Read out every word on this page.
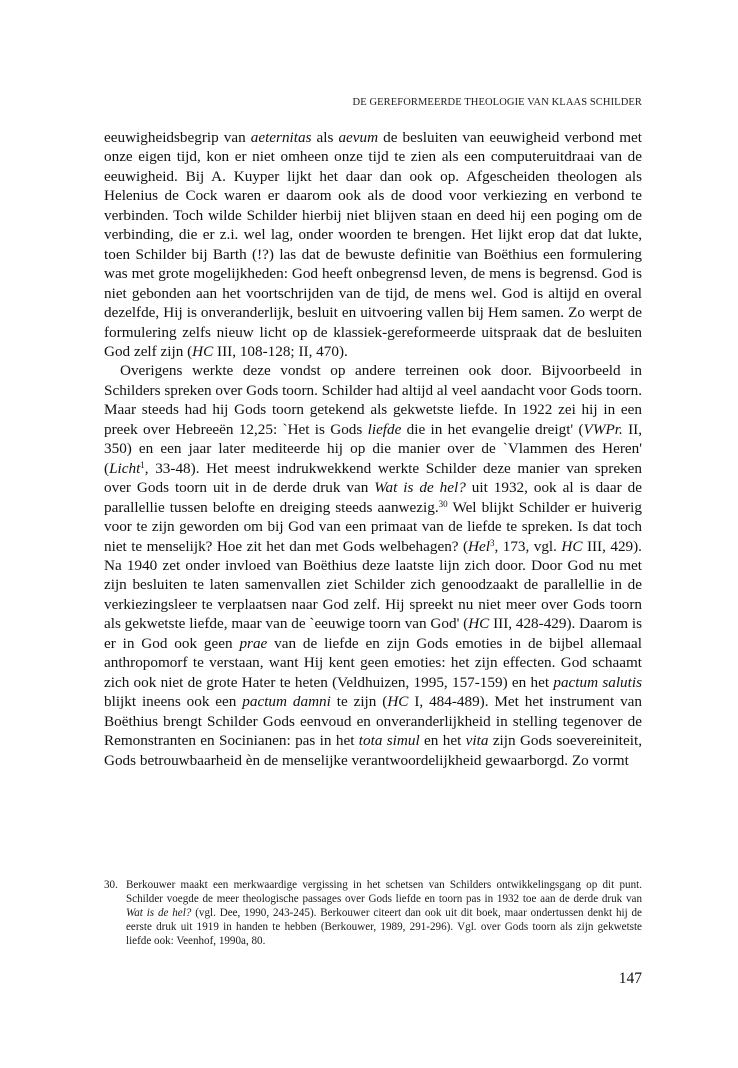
DE GEREFORMEERDE THEOLOGIE VAN KLAAS SCHILDER

eeuwigheidsbegrip van aeternitas als aevum de besluiten van eeuwigheid verbond met onze eigen tijd, kon er niet omheen onze tijd te zien als een computeruitdraai van de eeuwigheid. Bij A. Kuyper lijkt het daar dan ook op. Afgescheiden theologen als Helenius de Cock waren er daarom ook als de dood voor verkiezing en verbond te verbinden. Toch wilde Schilder hierbij niet blijven staan en deed hij een poging om de verbinding, die er z.i. wel lag, onder woorden te brengen. Het lijkt erop dat dat lukte, toen Schilder bij Barth (!?) las dat de bewuste definitie van Boëthius een formulering was met grote mogelijkheden: God heeft onbegrensd leven, de mens is begrensd. God is niet gebonden aan het voortschrijden van de tijd, de mens wel. God is altijd en overal dezelfde, Hij is onveranderlijk, besluit en uitvoering vallen bij Hem samen. Zo werpt de formulering zelfs nieuw licht op de klassiek-gereformeerde uitspraak dat de besluiten God zelf zijn (HC III, 108-128; II, 470).

Overigens werkte deze vondst op andere terreinen ook door. Bijvoorbeeld in Schilders spreken over Gods toorn. Schilder had altijd al veel aandacht voor Gods toorn. Maar steeds had hij Gods toorn getekend als gekwetste liefde. In 1922 zei hij in een preek over Hebreeën 12,25: `Het is Gods liefde die in het evangelie dreigt' (VWPr. II, 350) en een jaar later mediteerde hij op die manier over de `Vlammen des Heren' (Licht$^1$, 33-48). Het meest indrukwekkend werkte Schilder deze manier van spreken over Gods toorn uit in de derde druk van Wat is de hel? uit 1932, ook al is daar de parallellie tussen belofte en dreiging steeds aanwezig.$^{30}$ Wel blijkt Schilder er huiverig voor te zijn geworden om bij God van een primaat van de liefde te spreken. Is dat toch niet te menselijk? Hoe zit het dan met Gods welbehagen? (Hel$^3$, 173, vgl. HC III, 429). Na 1940 zet onder invloed van Boëthius deze laatste lijn zich door. Door God nu met zijn besluiten te laten samenvallen ziet Schilder zich genoodzaakt de parallellie in de verkiezingsleer te verplaatsen naar God zelf. Hij spreekt nu niet meer over Gods toorn als gekwetste liefde, maar van de `eeuwige toorn van God' (HC III, 428-429). Daarom is er in God ook geen prae van de liefde en zijn Gods emoties in de bijbel allemaal anthropomorf te verstaan, want Hij kent geen emoties: het zijn effecten. God schaamt zich ook niet de grote Hater te heten (Veldhuizen, 1995, 157-159) en het pactum salutis blijkt ineens ook een pactum damni te zijn (HC I, 484-489). Met het instrument van Boëthius brengt Schilder Gods eenvoud en onveranderlijkheid in stelling tegenover de Remonstranten en Socinianen: pas in het tota simul en het vita zijn Gods soevereiniteit, Gods betrouwbaarheid èn de menselijke verantwoordelijkheid gewaarborgd. Zo vormt

30. Berkouwer maakt een merkwaardige vergissing in het schetsen van Schilders ontwikkelingsgang op dit punt. Schilder voegde de meer theologische passages over Gods liefde en toorn pas in 1932 toe aan de derde druk van Wat is de hel? (vgl. Dee, 1990, 243-245). Berkouwer citeert dan ook uit dit boek, maar ondertussen denkt hij de eerste druk uit 1919 in handen te hebben (Berkouwer, 1989, 291-296). Vgl. over Gods toorn als zijn gekwetste liefde ook: Veenhof, 1990a, 80.
147
